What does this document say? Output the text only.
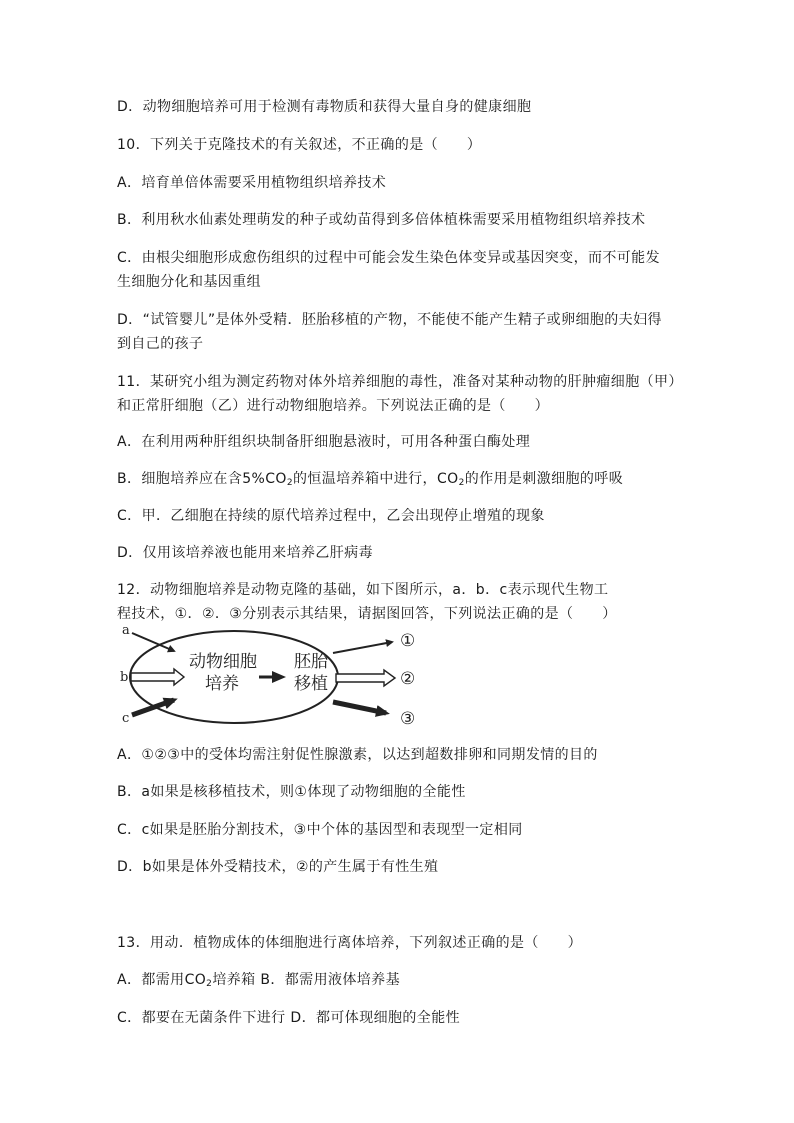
D．动物细胞培养可用于检测有毒物质和获得大量自身的健康细胞

10．下列关于克隆技术的有关叙述，不正确的是（　　）

A．培育单倍体需要采用植物组织培养技术

B．利用秋水仙素处理萌发的种子或幼苗得到多倍体植株需要采用植物组织培养技术

C．由根尖细胞形成愈伤组织的过程中可能会发生染色体变异或基因突变，而不可能发

生细胞分化和基因重组

D．“试管婴儿”是体外受精．胚胎移植的产物，不能使不能产生精子或卵细胞的夫妇得

到自己的孩子

11．某研究小组为测定药物对体外培养细胞的毒性，准备对某种动物的肝肿瘤细胞（甲）

和正常肝细胞（乙）进行动物细胞培养。下列说法正确的是（　　）

A．在利用两种肝组织块制备肝细胞悬液时，可用各种蛋白酶处理

B．细胞培养应在含$5\%CO_2$的恒温培养箱中进行，$CO_2$的作用是刺激细胞的呼吸

C．甲．乙细胞在持续的原代培养过程中，乙会出现停止增殖的现象

D．仅用该培养液也能用来培养乙肝病毒

12．动物细胞培养是动物克隆的基础，如下图所示，a．b．c表示现代生物工

程技术，①．②．③分别表示其结果，请据图回答，下列说法正确的是（　　）

a
b
c
动物细胞
培养
胚胎
移植
①
②
③

A．①②③中的受体均需注射促性腺激素，以达到超数排卵和同期发情的目的

B．a如果是核移植技术，则①体现了动物细胞的全能性

C．c如果是胚胎分割技术，③中个体的基因型和表现型一定相同

D．b如果是体外受精技术，②的产生属于有性生殖

13．用动．植物成体的体细胞进行离体培养，下列叙述正确的是（　　）

A．都需用$CO_2$培养箱 B．都需用液体培养基

C．都要在无菌条件下进行 D．都可体现细胞的全能性
